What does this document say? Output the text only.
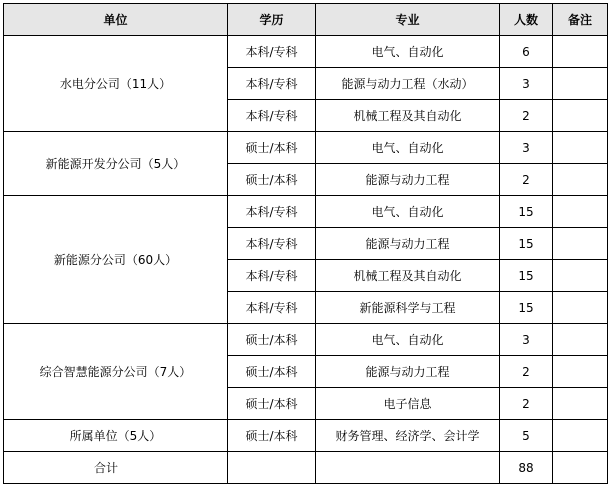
单位	学历	专业	人数	备注
水电分公司（11人）	本科/专科	电气、自动化	6	
	本科/专科	能源与动力工程（水动）	3	
	本科/专科	机械工程及其自动化	2	
新能源开发分公司（5人）	硕士/本科	电气、自动化	3	
	硕士/本科	能源与动力工程	2	
新能源分公司（60人）	本科/专科	电气、自动化	15	
	本科/专科	能源与动力工程	15	
	本科/专科	机械工程及其自动化	15	
	本科/专科	新能源科学与工程	15	
综合智慧能源分公司（7人）	硕士/本科	电气、自动化	3	
	硕士/本科	能源与动力工程	2	
	硕士/本科	电子信息	2	
所属单位（5人）	硕士/本科	财务管理、经济学、会计学	5	
合计			88	
